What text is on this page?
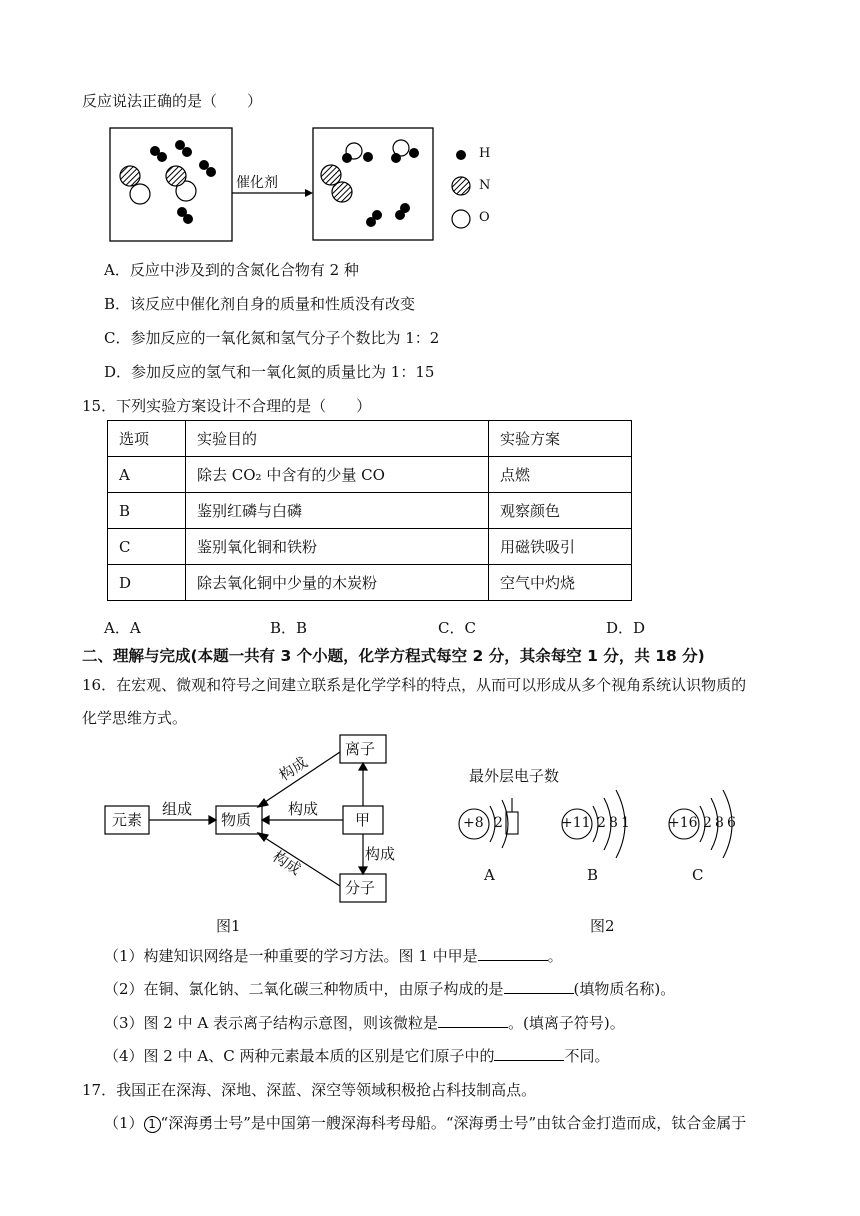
反应说法正确的是（　　）
催化剂
H
N
O
A．反应中涉及到的含氮化合物有 2 种
B．该反应中催化剂自身的质量和性质没有改变
C．参加反应的一氧化氮和氢气分子个数比为 1：2
D．参加反应的氢气和一氧化氮的质量比为 1：15
15．下列实验方案设计不合理的是（　　）
选项	实验目的	实验方案
A	除去 CO₂ 中含有的少量 CO	点燃
B	鉴别红磷与白磷	观察颜色
C	鉴别氧化铜和铁粉	用磁铁吸引
D	除去氧化铜中少量的木炭粉	空气中灼烧
A．A	B．B	C．C	D．D
二、理解与完成(本题一共有 3 个小题，化学方程式每空 2 分，其余每空 1 分，共 18 分)
16．在宏观、微观和符号之间建立联系是化学学科的特点，从而可以形成从多个视角系统认识物质的
化学思维方式。
元素	物质
离子
甲
分子
组成	构成
构成
构成	构成
图1
最外层电子数
+8 2	+11 2 8 1	+16 2 8 6
A	B	C
图2
（1）构建知识网络是一种重要的学习方法。图 1 中甲是	。
（2）在铜、氯化钠、二氧化碳三种物质中，由原子构成的是	(填物质名称)。
（3）图 2 中 A 表示离子结构示意图，则该微粒是	。(填离子符号)。
（4）图 2 中 A、C 两种元素最本质的区别是它们原子中的	不同。
17．我国正在深海、深地、深蓝、深空等领域积极抢占科技制高点。
（1） 1 “深海勇士号”是中国第一艘深海科考母船。“深海勇士号”由钛合金打造而成，钛合金属于
